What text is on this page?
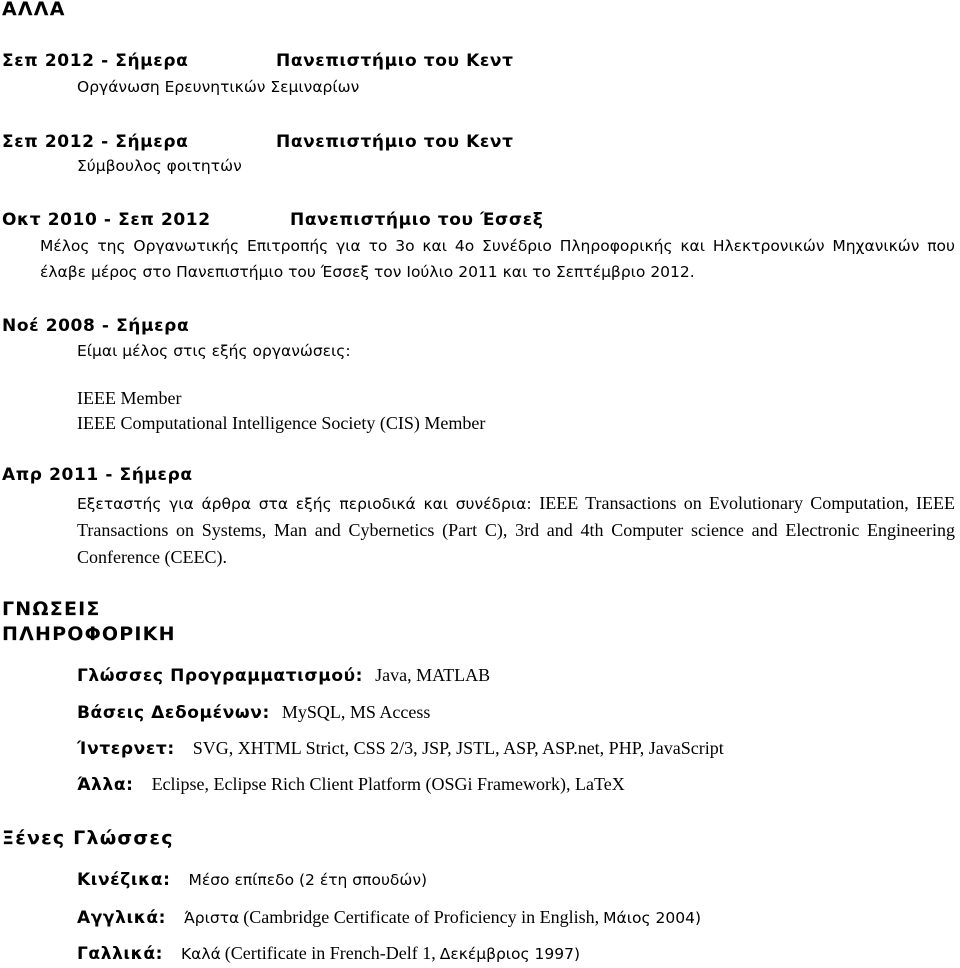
ΑΛΛΑ
Σεπ 2012 - Σήμερα	Πανεπιστήμιο του Κεντ
Οργάνωση Ερευνητικών Σεμιναρίων
Σεπ 2012 - Σήμερα	Πανεπιστήμιο του Κεντ
Σύμβουλος φοιτητών
Οκτ 2010 - Σεπ 2012	Πανεπιστήμιο του Έσσεξ
Μέλος της Οργανωτικής Επιτροπής για το 3ο και 4ο Συνέδριο Πληροφορικής και Ηλεκτρονικών Μηχανικών που έλαβε μέρος στο Πανεπιστήμιο του Έσσεξ τον Ιούλιο 2011 και το Σεπτέμβριο 2012.
Νοέ 2008 - Σήμερα
Είμαι μέλος στις εξής οργανώσεις:
IEEE Member
IEEE Computational Intelligence Society (CIS) Member
Απρ 2011 - Σήμερα
Εξεταστής για άρθρα στα εξής περιοδικά και συνέδρια: IEEE Transactions on Evolutionary Computation, IEEE Transactions on Systems, Man and Cybernetics (Part C), 3rd and 4th Computer science and Electronic Engineering Conference (CEEC).
ΓΝΩΣΕΙΣ
ΠΛΗΡΟΦΟΡΙΚΗ
Γλώσσες Προγραμματισμού: Java, MATLAB
Βάσεις Δεδομένων: MySQL, MS Access
Ίντερνετ: SVG, XHTML Strict, CSS 2/3, JSP, JSTL, ASP, ASP.net, PHP, JavaScript
Άλλα: Eclipse, Eclipse Rich Client Platform (OSGi Framework), LaTeX
Ξένες Γλώσσες
Κινέζικα: Μέσο επίπεδο (2 έτη σπουδών)
Αγγλικά: Άριστα (Cambridge Certificate of Proficiency in English, Μάιος 2004)
Γαλλικά: Καλά (Certificate in French-Delf 1, Δεκέμβριος 1997)
